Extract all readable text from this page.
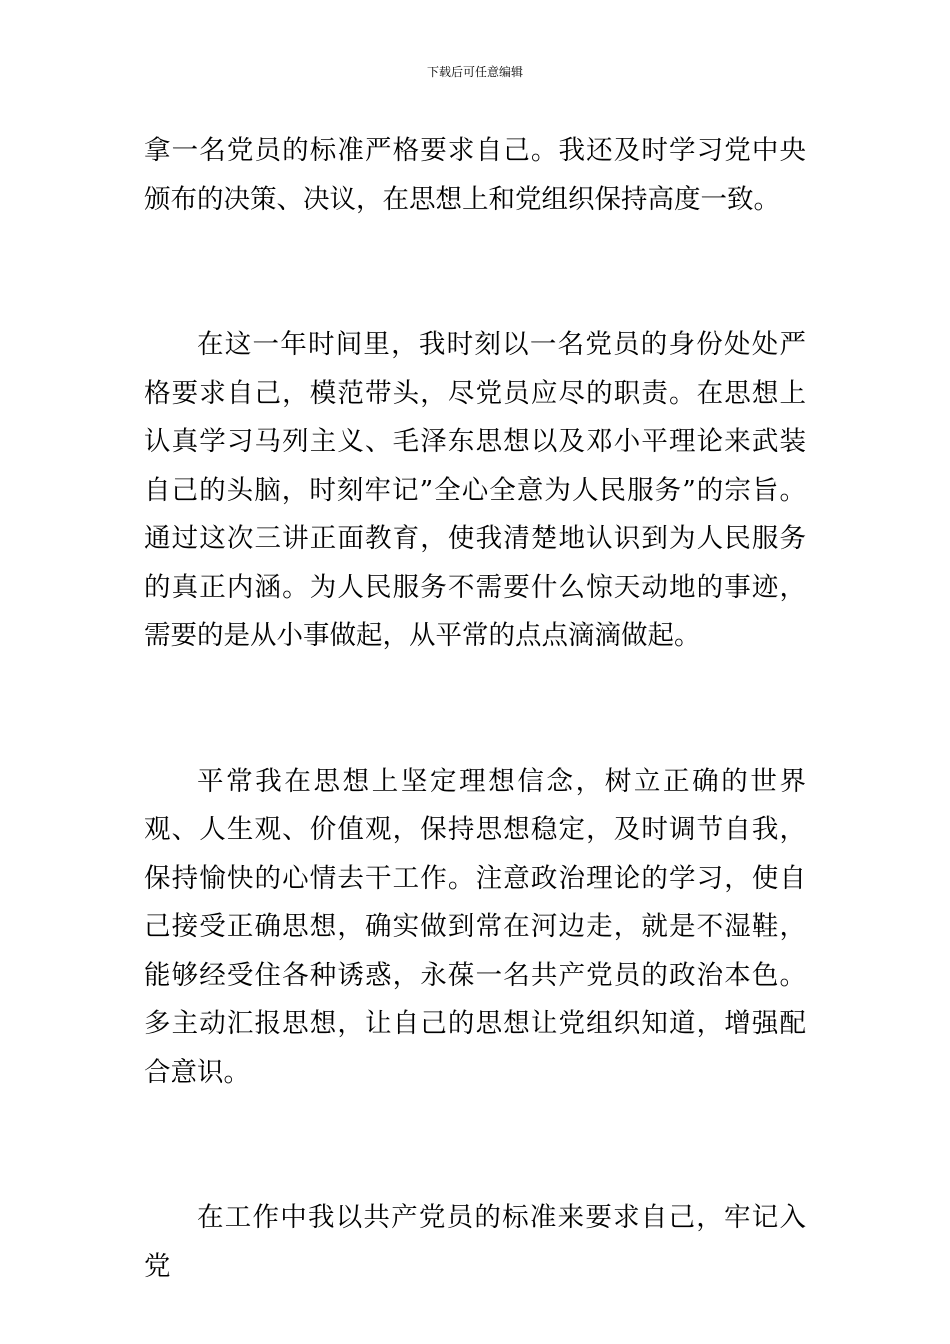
下载后可任意编辑

拿一名党员的标准严格要求自己。我还及时学习党中央颁布的决策、决议，在思想上和党组织保持高度一致。

在这一年时间里，我时刻以一名党员的身份处处严格要求自己，模范带头，尽党员应尽的职责。在思想上认真学习马列主义、毛泽东思想以及邓小平理论来武装自己的头脑，时刻牢记”全心全意为人民服务”的宗旨。通过这次三讲正面教育，使我清楚地认识到为人民服务的真正内涵。为人民服务不需要什么惊天动地的事迹，需要的是从小事做起，从平常的点点滴滴做起。

平常我在思想上坚定理想信念，树立正确的世界观、人生观、价值观，保持思想稳定，及时调节自我，保持愉快的心情去干工作。注意政治理论的学习，使自己接受正确思想，确实做到常在河边走，就是不湿鞋，能够经受住各种诱惑，永葆一名共产党员的政治本色。多主动汇报思想，让自己的思想让党组织知道，增强配合意识。

在工作中我以共产党员的标准来要求自己，牢记入党
